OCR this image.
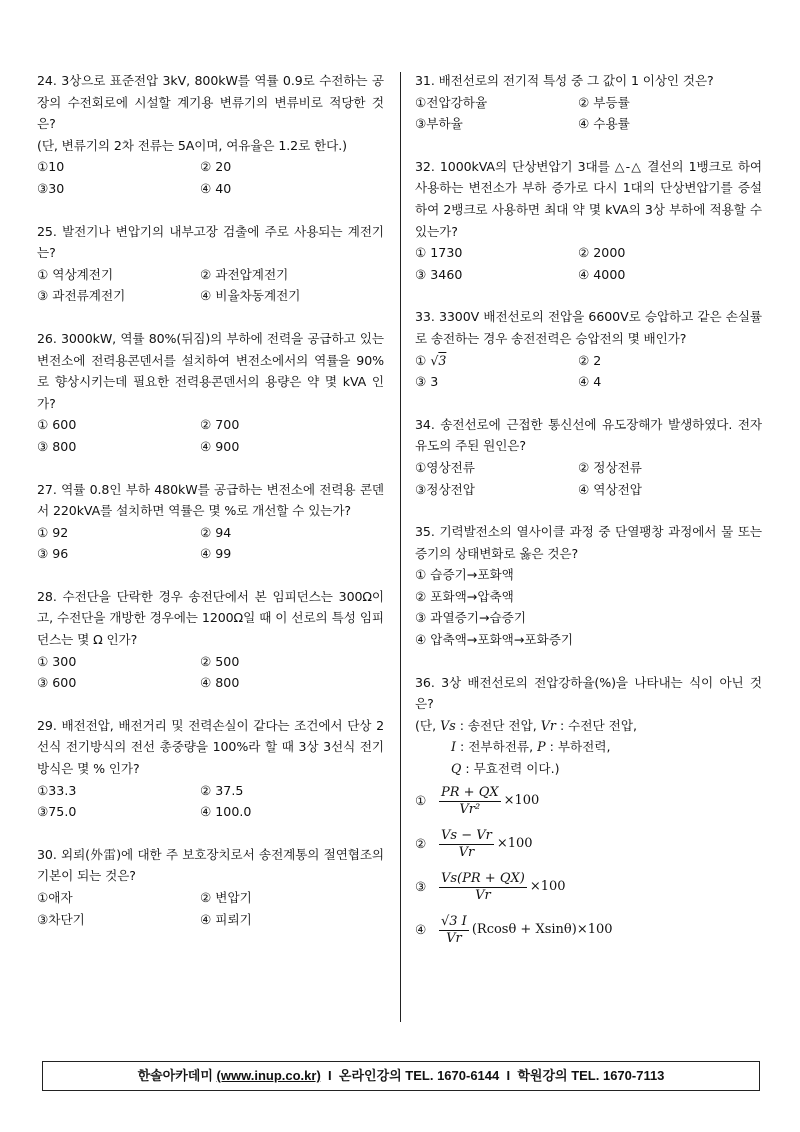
24. 3상으로 표준전압 3kV, 800kW를 역률 0.9로 수전하는 공장의 수전회로에 시설할 계기용 변류기의 변류비로 적당한 것은?
(단, 변류기의 2차 전류는 5A이며, 여유율은 1.2로 한다.)
①10	② 20
③30	④ 40
25. 발전기나 변압기의 내부고장 검출에 주로 사용되는 계전기는?
① 역상계전기	② 과전압계전기
③ 과전류계전기	④ 비율차동계전기
26. 3000kW, 역률 80%(뒤짐)의 부하에 전력을 공급하고 있는 변전소에 전력용콘덴서를 설치하여 변전소에서의 역률을 90%로 향상시키는데 필요한 전력용콘덴서의 용량은 약 몇 kVA 인가?
① 600	② 700
③ 800	④ 900
27. 역률 0.8인 부하 480kW를 공급하는 변전소에 전력용 콘덴서 220kVA를 설치하면 역률은 몇 %로 개선할 수 있는가?
① 92	② 94
③ 96	④ 99
28. 수전단을 단락한 경우 송전단에서 본 임피던스는 300Ω이고, 수전단을 개방한 경우에는 1200Ω일 때 이 선로의 특성 임피던스는 몇 Ω 인가?
① 300	② 500
③ 600	④ 800
29. 배전전압, 배전거리 및 전력손실이 같다는 조건에서 단상 2선식 전기방식의 전선 총중량을 100%라 할 때 3상 3선식 전기방식은 몇 % 인가?
①33.3	② 37.5
③75.0	④ 100.0
30. 외뢰(外雷)에 대한 주 보호장치로서 송전계통의 절연협조의 기본이 되는 것은?
①애자	② 변압기
③차단기	④ 피뢰기
31. 배전선로의 전기적 특성 중 그 값이 1 이상인 것은?
①전압강하율	② 부등률
③부하율	④ 수용률
32. 1000kVA의 단상변압기 3대를 △-△ 결선의 1뱅크로 하여 사용하는 변전소가 부하 증가로 다시 1대의 단상변압기를 증설하여 2뱅크로 사용하면 최대 약 몇 kVA의 3상 부하에 적용할 수 있는가?
① 1730	② 2000
③ 3460	④ 4000
33. 3300V 배전선로의 전압을 6600V로 승압하고 같은 손실률로 송전하는 경우 송전전력은 승압전의 몇 배인가?
① √3	② 2
③ 3	④ 4
34. 송전선로에 근접한 통신선에 유도장해가 발생하였다. 전자유도의 주된 원인은?
①영상전류	② 정상전류
③정상전압	④ 역상전압
35. 기력발전소의 열사이클 과정 중 단열팽창 과정에서 물 또는 증기의 상태변화로 옳은 것은?
① 습증기→포화액
② 포화액→압축액
③ 과열증기→습증기
④ 압축액→포화액→포화증기
36. 3상 배전선로의 전압강하율(%)을 나타내는 식이 아닌 것은?
(단, Vs : 송전단 전압, Vr : 수전단 전압,
I : 전부하전류, P : 부하전력,
Q : 무효전력 이다.)
① $\frac{PR + QX}{\text{Vr²}} \times 100$
② $\frac{Vs - Vr}{Vr} \times 100$
③ $\frac{Vs(PR + QX)}{Vr} \times 100$
④ $\frac{√3 I}{Vr} (Rcos\theta + Xsin\theta) \times 100$
한솔아카데미 (www.inup.co.kr) I 온라인강의 TEL. 1670-6144 I 학원강의 TEL. 1670-7113
